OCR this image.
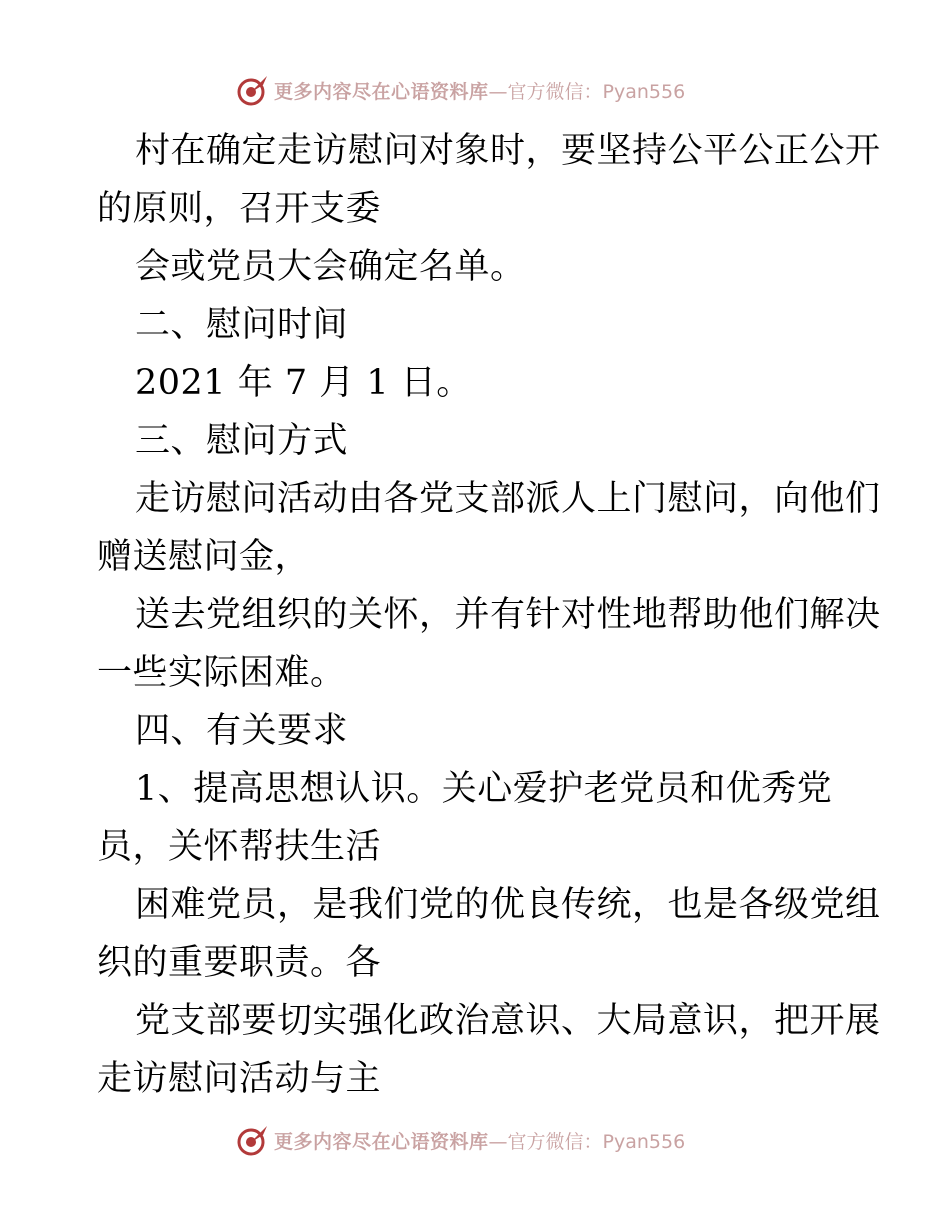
更多内容尽在心语资料库 —官方微信：Pyan556
村在确定走访慰问对象时，要坚持公平公正公开
的原则，召开支委
会或党员大会确定名单。
二、慰问时间
2021 年 7 月 1 日。
三、慰问方式
走访慰问活动由各党支部派人上门慰问，向他们
赠送慰问金，
送去党组织的关怀，并有针对性地帮助他们解决
一些实际困难。
四、有关要求
1、提高思想认识。关心爱护老党员和优秀党
员，关怀帮扶生活
困难党员，是我们党的优良传统，也是各级党组
织的重要职责。各
党支部要切实强化政治意识、大局意识，把开展
走访慰问活动与主
更多内容尽在心语资料库 —官方微信：Pyan556
